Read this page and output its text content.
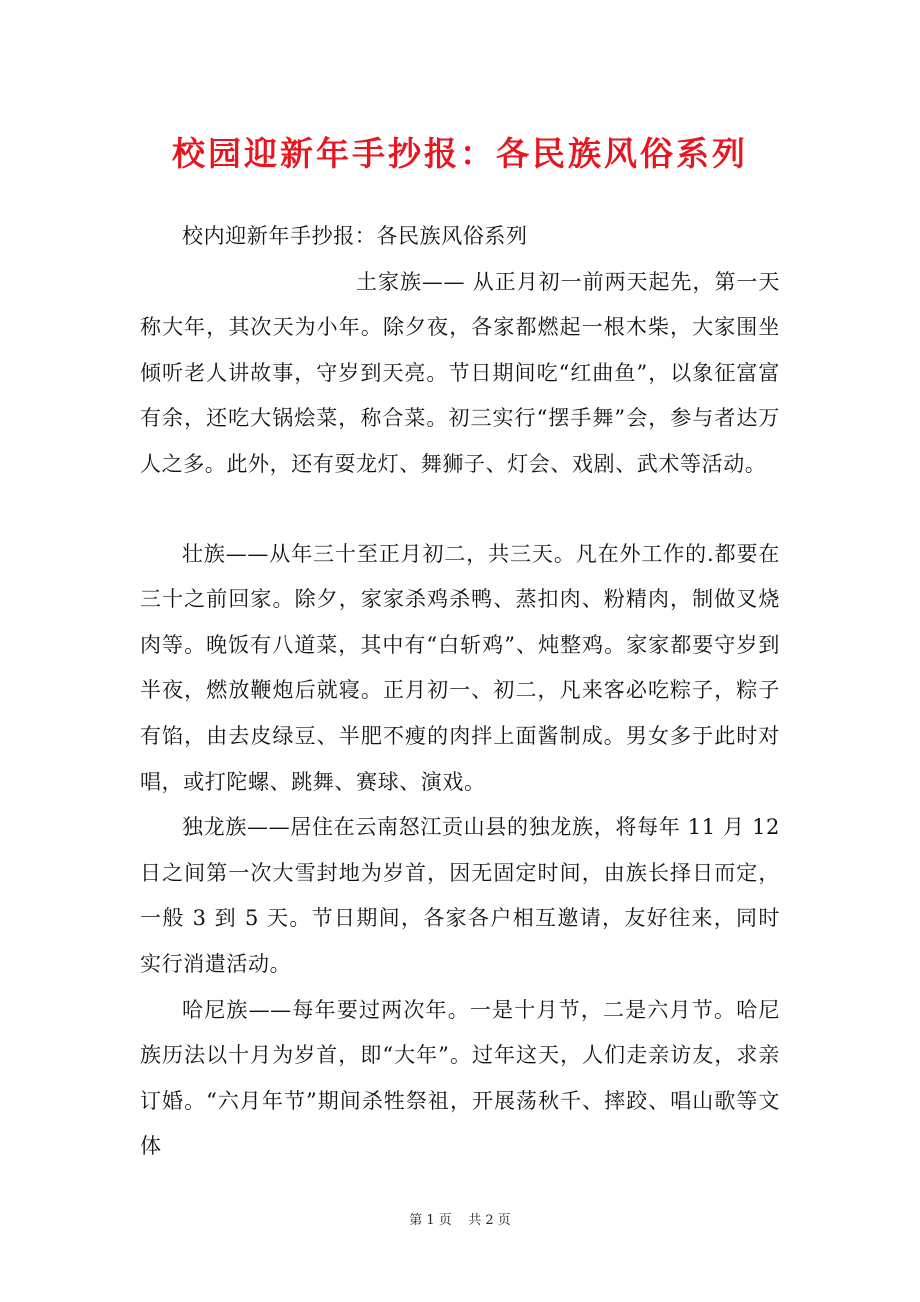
校园迎新年手抄报：各民族风俗系列

校内迎新年手抄报：各民族风俗系列

土家族—— 从正月初一前两天起先，第一天称大年，其次天为小年。除夕夜，各家都燃起一根木柴，大家围坐倾听老人讲故事，守岁到天亮。节日期间吃“红曲鱼”，以象征富富有余，还吃大锅烩菜，称合菜。初三实行“摆手舞”会，参与者达万人之多。此外，还有耍龙灯、舞狮子、灯会、戏剧、武术等活动。

壮族——从年三十至正月初二，共三天。凡在外工作的.都要在三十之前回家。除夕，家家杀鸡杀鸭、蒸扣肉、粉精肉，制做叉烧肉等。晚饭有八道菜，其中有“白斩鸡”、炖整鸡。家家都要守岁到半夜，燃放鞭炮后就寝。正月初一、初二，凡来客必吃粽子，粽子有馅，由去皮绿豆、半肥不瘦的肉拌上面酱制成。男女多于此时对唱，或打陀螺、跳舞、赛球、演戏。

独龙族——居住在云南怒江贡山县的独龙族，将每年 11 月 12 日之间第一次大雪封地为岁首，因无固定时间，由族长择日而定，一般 3 到 5 天。节日期间，各家各户相互邀请，友好往来，同时实行消遣活动。

哈尼族——每年要过两次年。一是十月节，二是六月节。哈尼族历法以十月为岁首，即“大年”。过年这天，人们走亲访友，求亲订婚。“六月年节”期间杀牲祭祖，开展荡秋千、摔跤、唱山歌等文体

第 1 页 共 2 页
